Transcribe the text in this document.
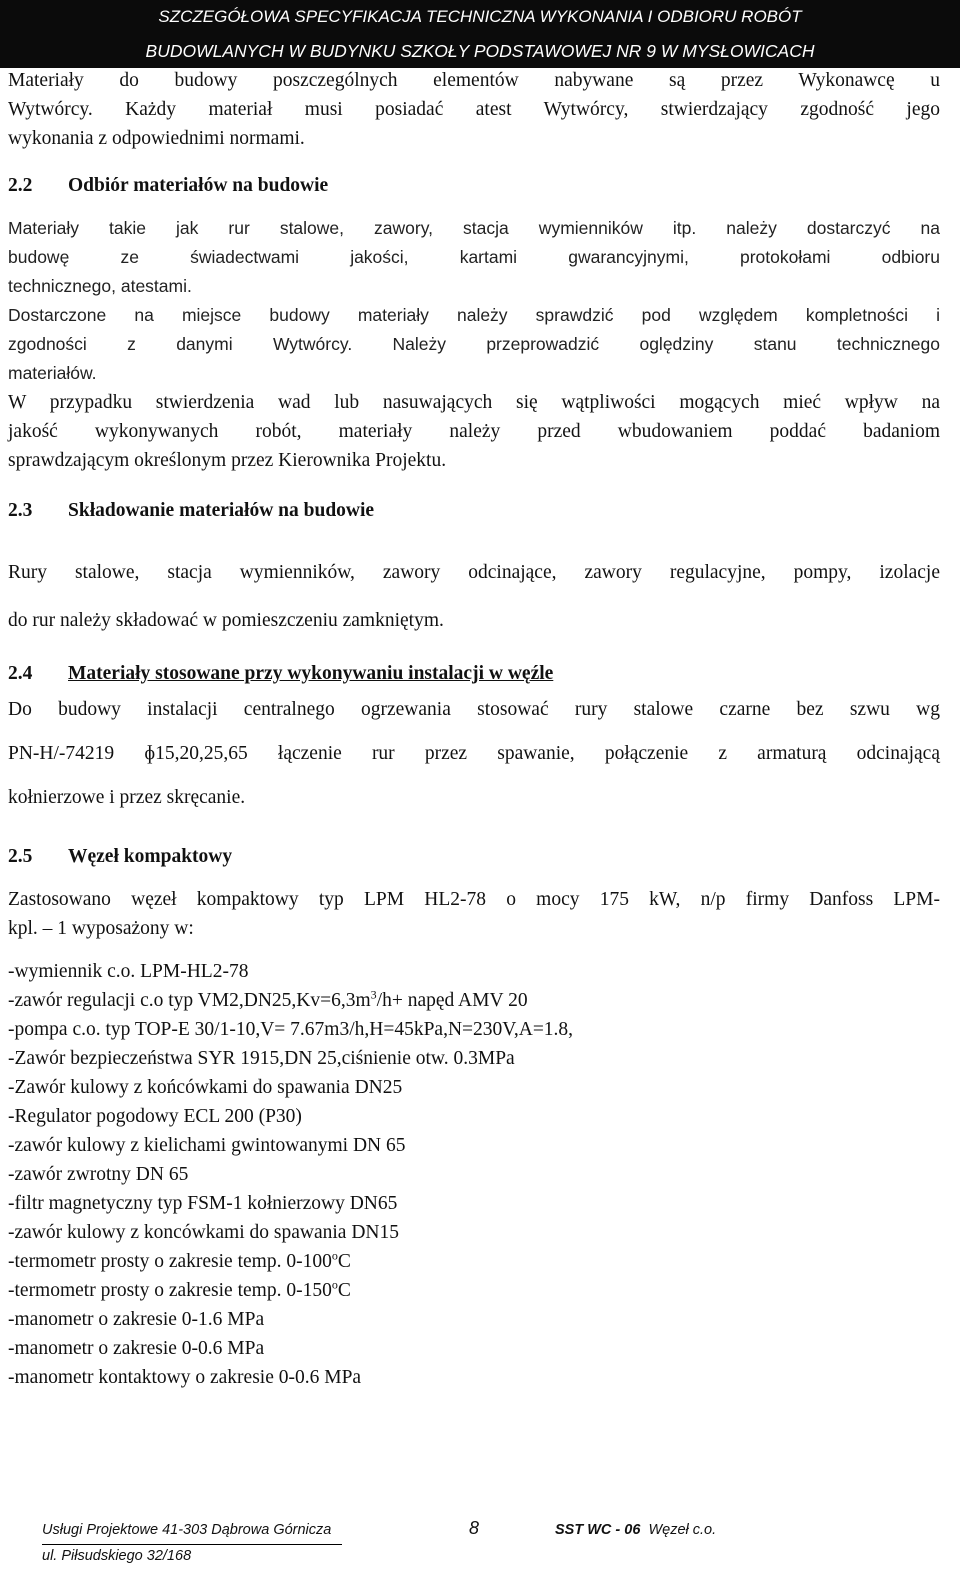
SZCZEGÓŁOWA SPECYFIKACJA TECHNICZNA WYKONANIA I ODBIORU ROBÓT
BUDOWLANYCH W BUDYNKU SZKOŁY PODSTAWOWEJ NR 9 W MYSŁOWICACH
Materiały do budowy poszczególnych elementów nabywane są przez Wykonawcę u
Wytwórcy. Każdy materiał musi posiadać atest Wytwórcy, stwierdzający zgodność jego
wykonania z odpowiednimi normami.
2.2 Odbiór materiałów na budowie
Materiały takie jak rur stalowe, zawory, stacja wymienników itp. należy dostarczyć na
budowę ze świadectwami jakości, kartami gwarancyjnymi, protokołami odbioru
technicznego, atestami.
Dostarczone na miejsce budowy materiały należy sprawdzić pod względem kompletności i
zgodności z danymi Wytwórcy. Należy przeprowadzić oględziny stanu technicznego
materiałów.
W przypadku stwierdzenia wad lub nasuwających się wątpliwości mogących mieć wpływ na
jakość wykonywanych robót, materiały należy przed wbudowaniem poddać badaniom
sprawdzającym określonym przez Kierownika Projektu.
2.3 Składowanie materiałów na budowie
Rury stalowe, stacja wymienników, zawory odcinające, zawory regulacyjne, pompy, izolacje
do rur należy składować w pomieszczeniu zamkniętym.
2.4 Materiały stosowane przy wykonywaniu instalacji w węźle
Do budowy instalacji centralnego ogrzewania stosować rury stalowe czarne bez szwu wg
PN-H/-74219 ɸ15,20,25,65 łączenie rur przez spawanie, połączenie z armaturą odcinającą
kołnierzowe i przez skręcanie.
2.5 Węzeł kompaktowy
Zastosowano węzeł kompaktowy typ LPM HL2-78 o mocy 175 kW, n/p firmy Danfoss LPM-
kpl. – 1 wyposażony w:
-wymiennik c.o. LPM-HL2-78
-zawór regulacji c.o typ $VM2,DN25,Kv=6,3m^3/h+$ napęd AMV 20
-pompa c.o. typ TOP-E 30/1-10,V= 7.67m3/h,H=45kPa,N=230V,A=1.8,
-Zawór bezpieczeństwa SYR 1915,DN 25,ciśnienie otw. 0.3MPa
-Zawór kulowy z końcówkami do spawania DN25
-Regulator pogodowy ECL 200 (P30)
-zawór kulowy z kielichami gwintowanymi DN 65
-zawór zwrotny DN 65
-filtr magnetyczny typ FSM-1 kołnierzowy DN65
-zawór kulowy z koncówkami do spawania DN15
-termometr prosty o zakresie temp. 0-100$^o$C
-termometr prosty o zakresie temp. 0-150$^o$C
-manometr o zakresie 0-1.6 MPa
-manometr o zakresie 0-0.6 MPa
-manometr kontaktowy o zakresie 0-0.6 MPa
Usługi Projektowe 41-303 Dąbrowa Górnicza	8	SST WC - 06 Węzeł c.o.
ul. Piłsudskiego 32/168
